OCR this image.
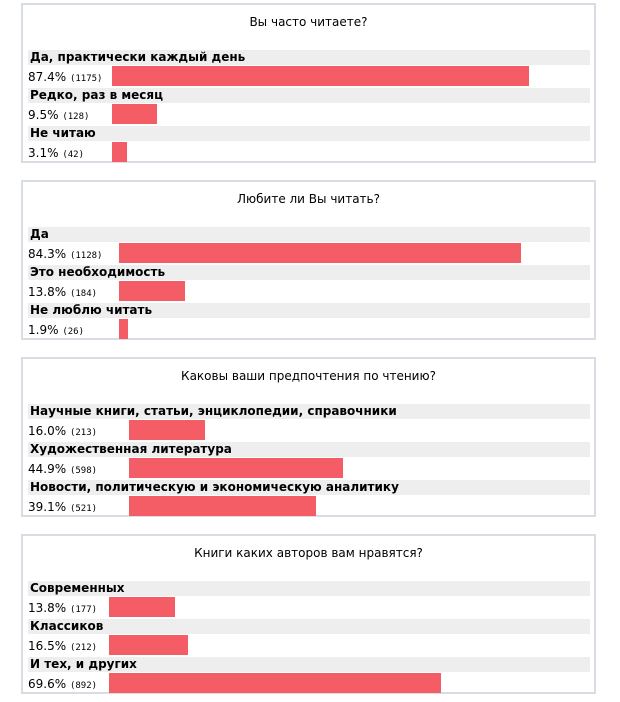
Вы часто читаете?
Да, практически каждый день
87.4% (1175)
Редко, раз в месяц
9.5% (128)
Не читаю
3.1% (42)
Любите ли Вы читать?
Да
84.3% (1128)
Это необходимость
13.8% (184)
Не люблю читать
1.9% (26)
Каковы ваши предпочтения по чтению?
Научные книги, статьи, энциклопедии, справочники
16.0% (213)
Художественная литература
44.9% (598)
Новости, политическую и экономическую аналитику
39.1% (521)
Книги каких авторов вам нравятся?
Современных
13.8% (177)
Классиков
16.5% (212)
И тех, и других
69.6% (892)
